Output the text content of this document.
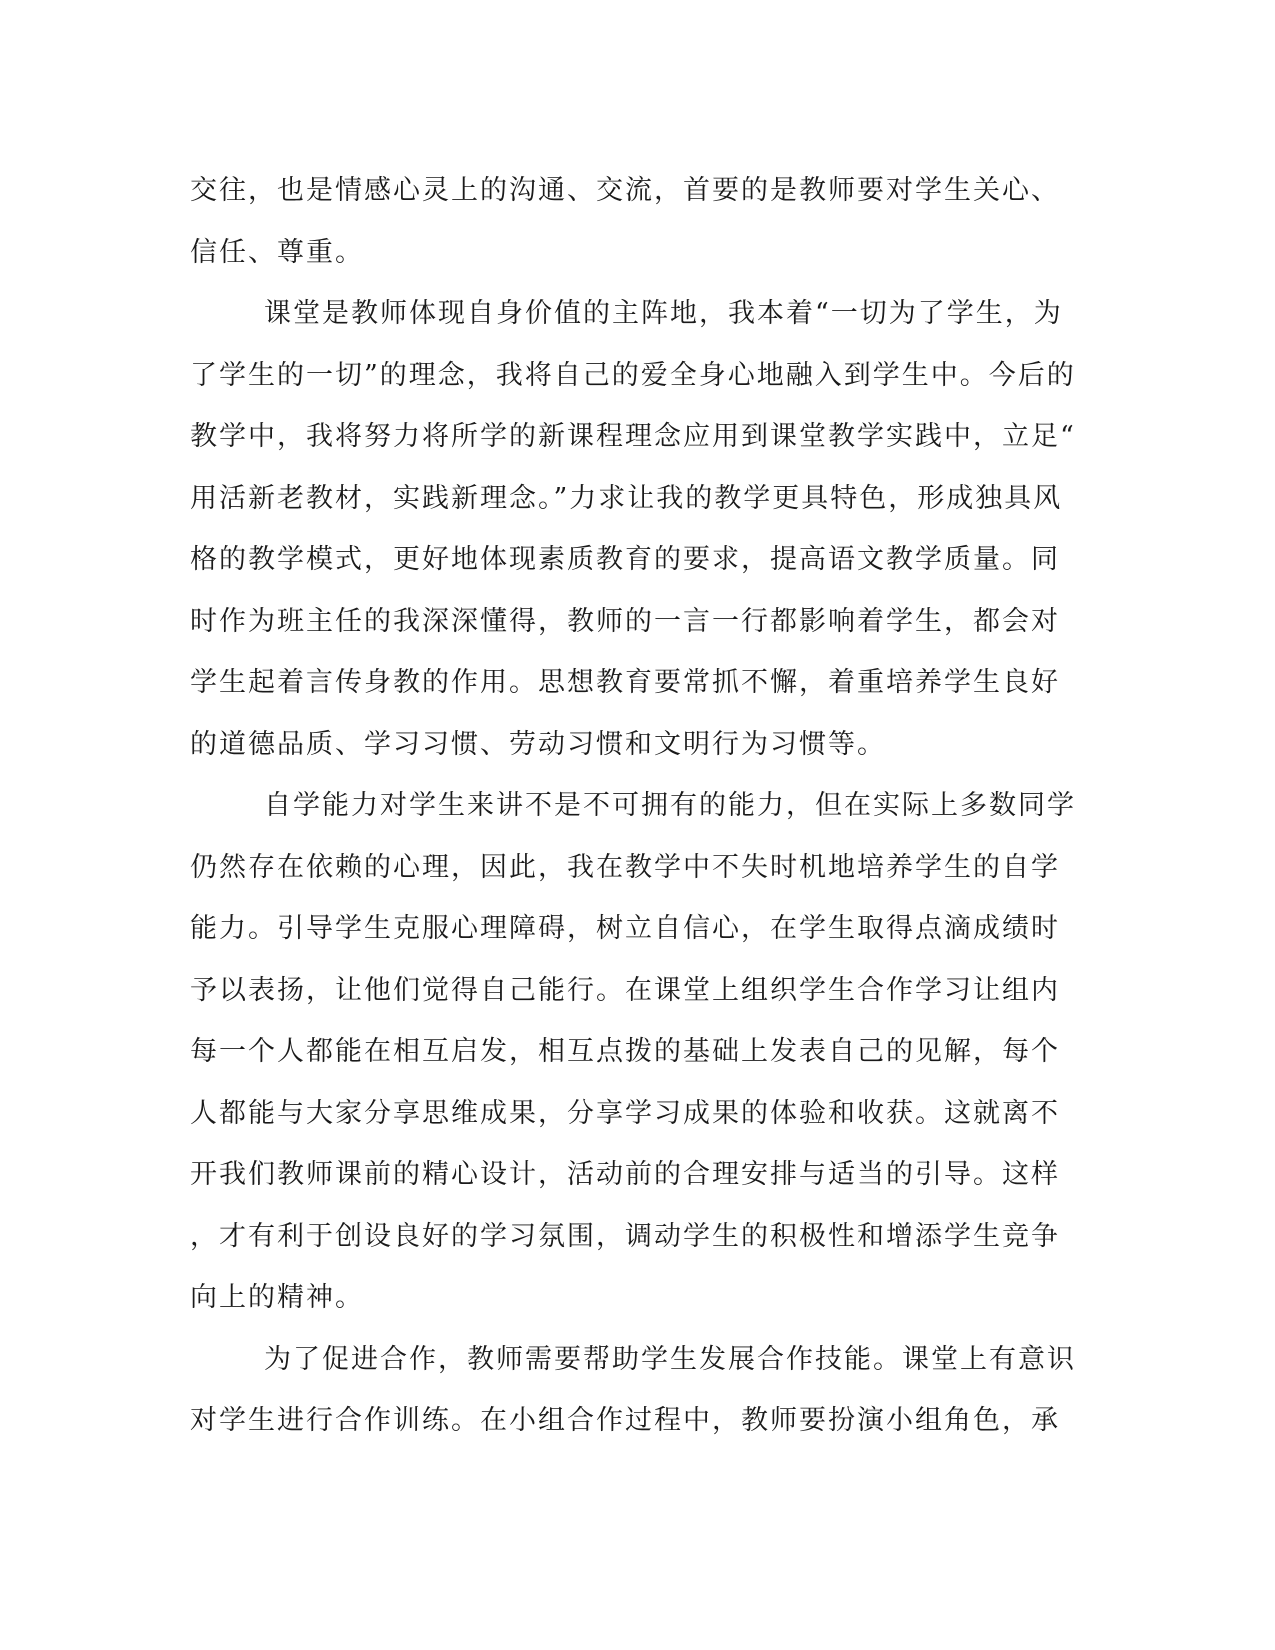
交往，也是情感心灵上的沟通、交流，首要的是教师要对学生关心、
信任、尊重。
课堂是教师体现自身价值的主阵地，我本着“一切为了学生，为
了学生的一切”的理念，我将自己的爱全身心地融入到学生中。今后的
教学中，我将努力将所学的新课程理念应用到课堂教学实践中，立足“
用活新老教材，实践新理念。”力求让我的教学更具特色，形成独具风
格的教学模式，更好地体现素质教育的要求，提高语文教学质量。同
时作为班主任的我深深懂得，教师的一言一行都影响着学生，都会对
学生起着言传身教的作用。思想教育要常抓不懈，着重培养学生良好
的道德品质、学习习惯、劳动习惯和文明行为习惯等。
自学能力对学生来讲不是不可拥有的能力，但在实际上多数同学
仍然存在依赖的心理，因此，我在教学中不失时机地培养学生的自学
能力。引导学生克服心理障碍，树立自信心，在学生取得点滴成绩时
予以表扬，让他们觉得自己能行。在课堂上组织学生合作学习让组内
每一个人都能在相互启发，相互点拨的基础上发表自己的见解，每个
人都能与大家分享思维成果，分享学习成果的体验和收获。这就离不
开我们教师课前的精心设计，活动前的合理安排与适当的引导。这样
，才有利于创设良好的学习氛围，调动学生的积极性和增添学生竞争
向上的精神。
为了促进合作，教师需要帮助学生发展合作技能。课堂上有意识
对学生进行合作训练。在小组合作过程中，教师要扮演小组角色，承
